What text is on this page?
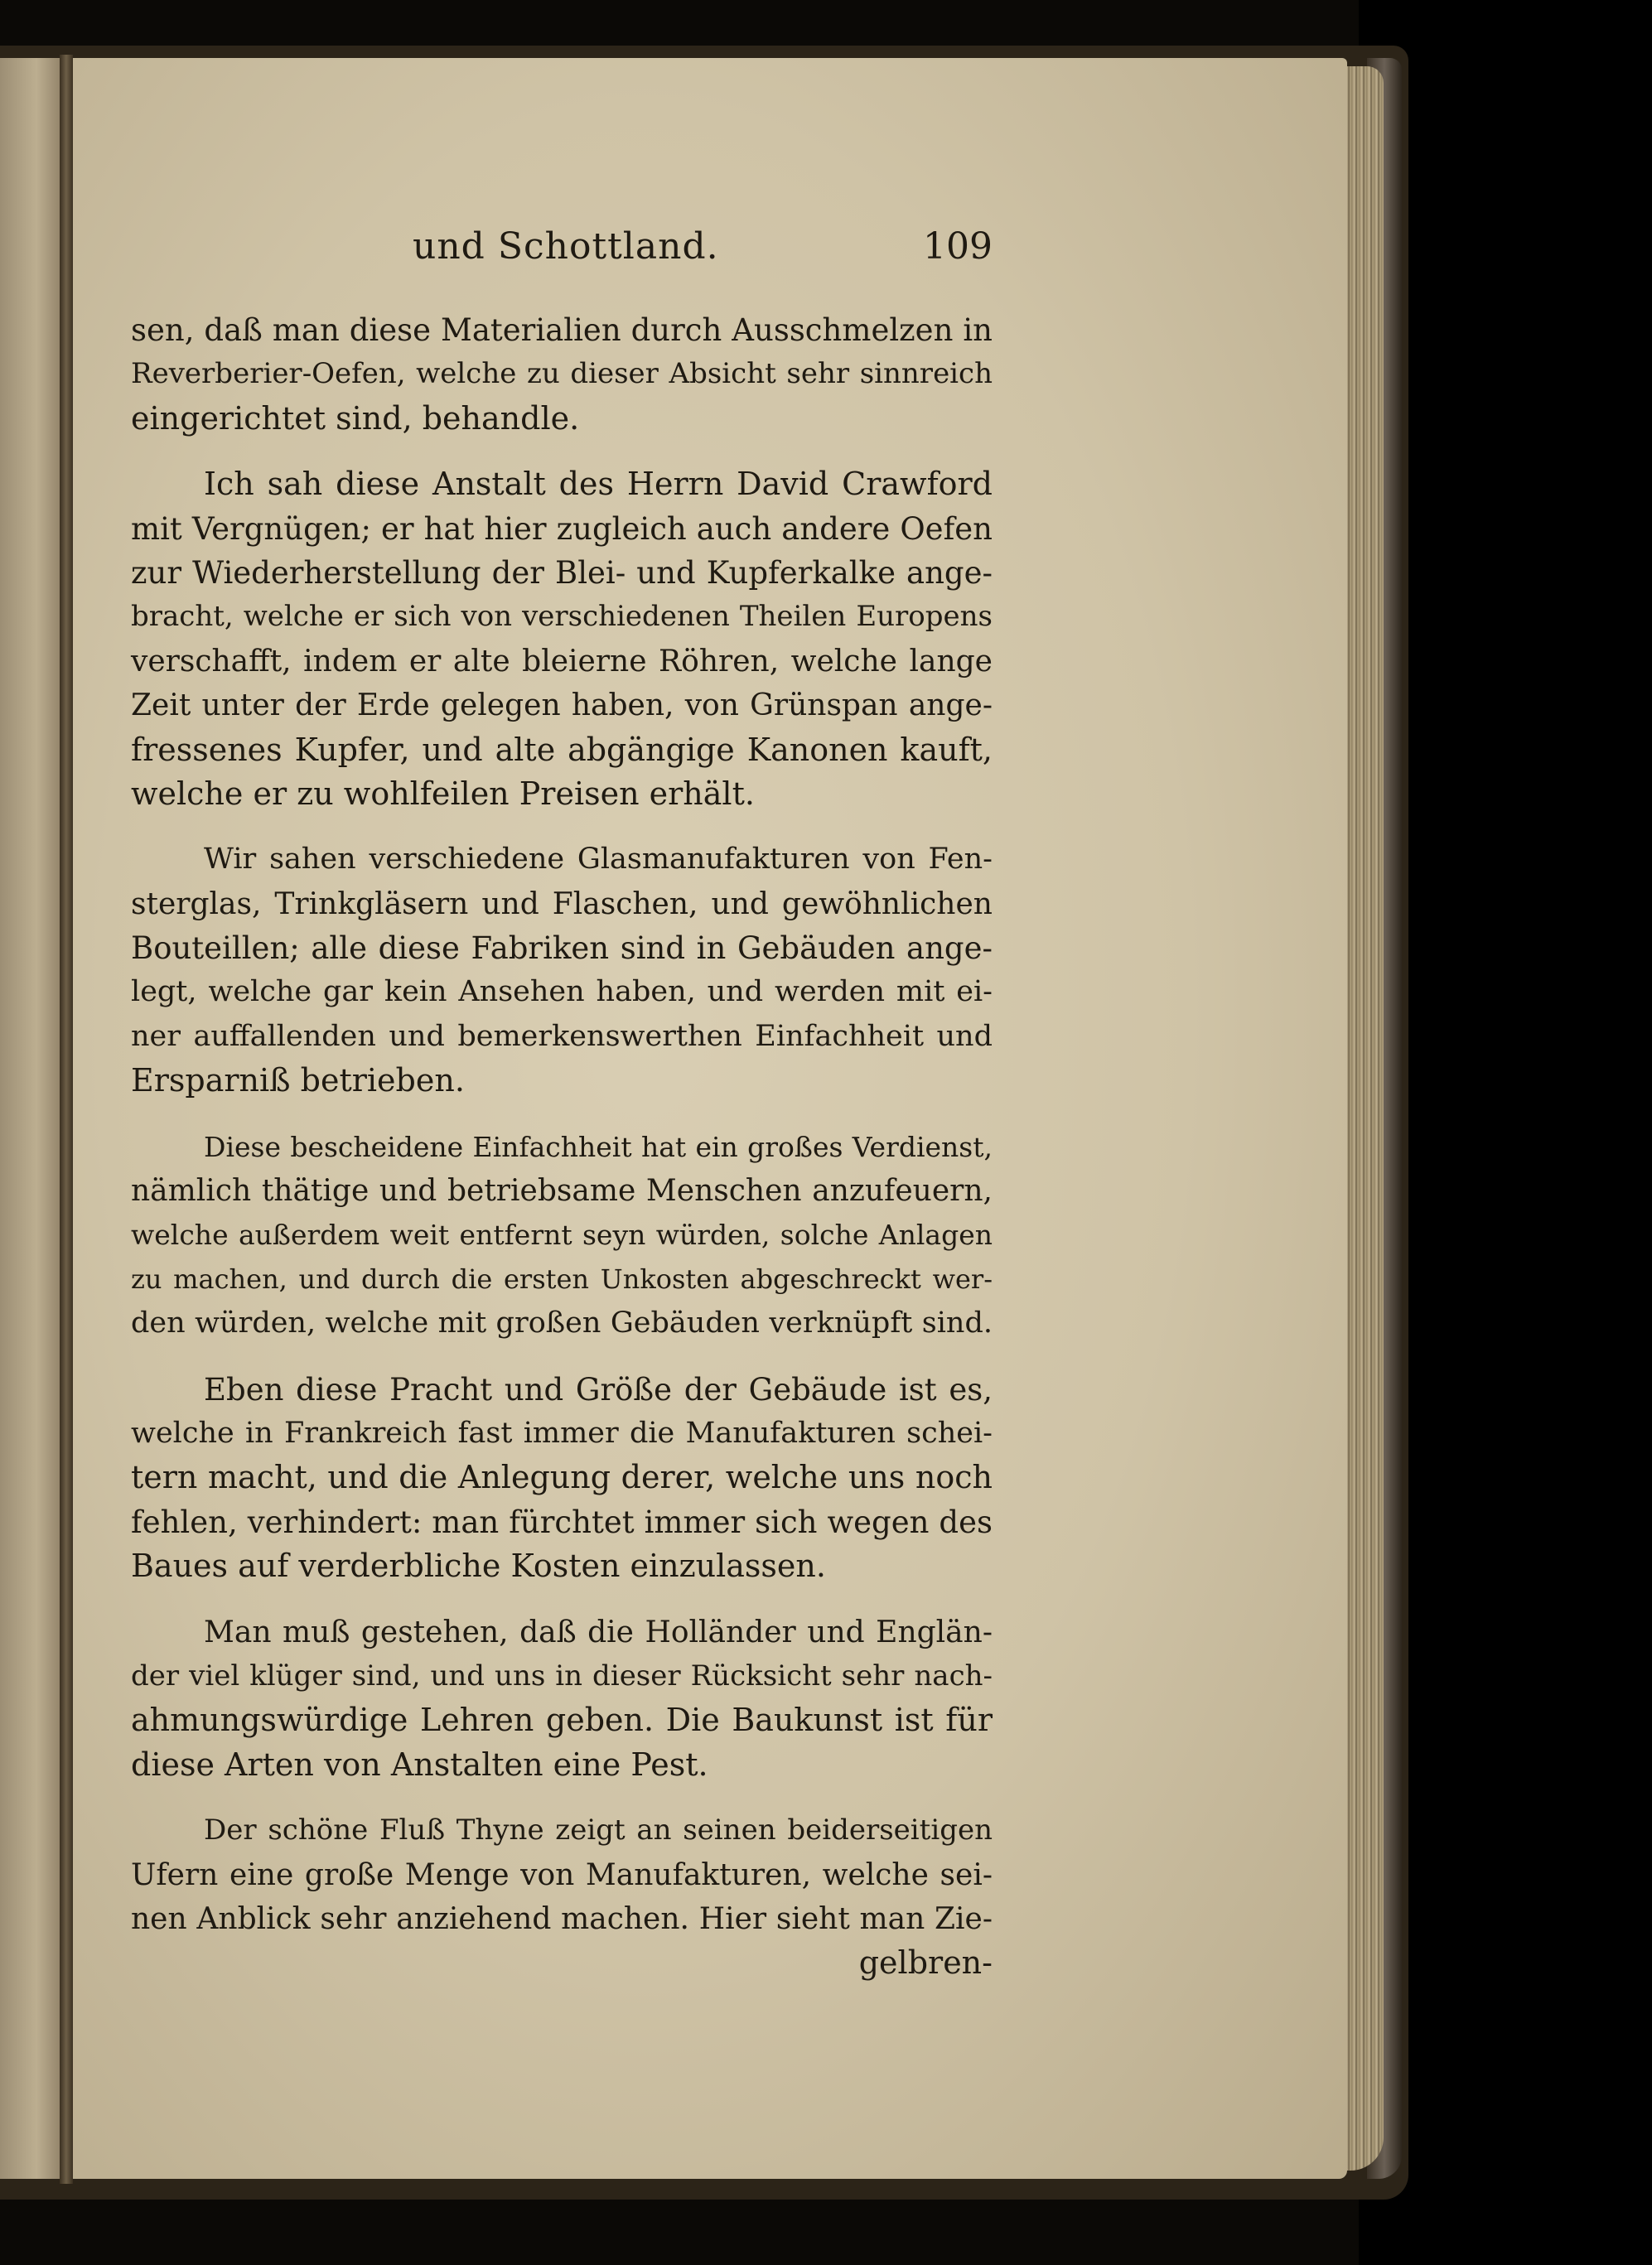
und Schottland.	109
sen, daß man diese Materialien durch Ausschmelzen in
Reverberier-Oefen, welche zu dieser Absicht sehr sinnreich
eingerichtet sind, behandle.
Ich sah diese Anstalt des Herrn David Crawford
mit Vergnügen; er hat hier zugleich auch andere Oefen
zur Wiederherstellung der Blei- und Kupferkalke ange-
bracht, welche er sich von verschiedenen Theilen Europens
verschafft, indem er alte bleierne Röhren, welche lange
Zeit unter der Erde gelegen haben, von Grünspan ange-
fressenes Kupfer, und alte abgängige Kanonen kauft,
welche er zu wohlfeilen Preisen erhält.
Wir sahen verschiedene Glasmanufakturen von Fen-
sterglas, Trinkgläsern und Flaschen, und gewöhnlichen
Bouteillen; alle diese Fabriken sind in Gebäuden ange-
legt, welche gar kein Ansehen haben, und werden mit ei-
ner auffallenden und bemerkenswerthen Einfachheit und
Ersparniß betrieben.
Diese bescheidene Einfachheit hat ein großes Verdienst,
nämlich thätige und betriebsame Menschen anzufeuern,
welche außerdem weit entfernt seyn würden, solche Anlagen
zu machen, und durch die ersten Unkosten abgeschreckt wer-
den würden, welche mit großen Gebäuden verknüpft sind.
Eben diese Pracht und Größe der Gebäude ist es,
welche in Frankreich fast immer die Manufakturen schei-
tern macht, und die Anlegung derer, welche uns noch
fehlen, verhindert: man fürchtet immer sich wegen des
Baues auf verderbliche Kosten einzulassen.
Man muß gestehen, daß die Holländer und Englän-
der viel klüger sind, und uns in dieser Rücksicht sehr nach-
ahmungswürdige Lehren geben. Die Baukunst ist für
diese Arten von Anstalten eine Pest.
Der schöne Fluß Thyne zeigt an seinen beiderseitigen
Ufern eine große Menge von Manufakturen, welche sei-
nen Anblick sehr anziehend machen. Hier sieht man Zie-
gelbren-
